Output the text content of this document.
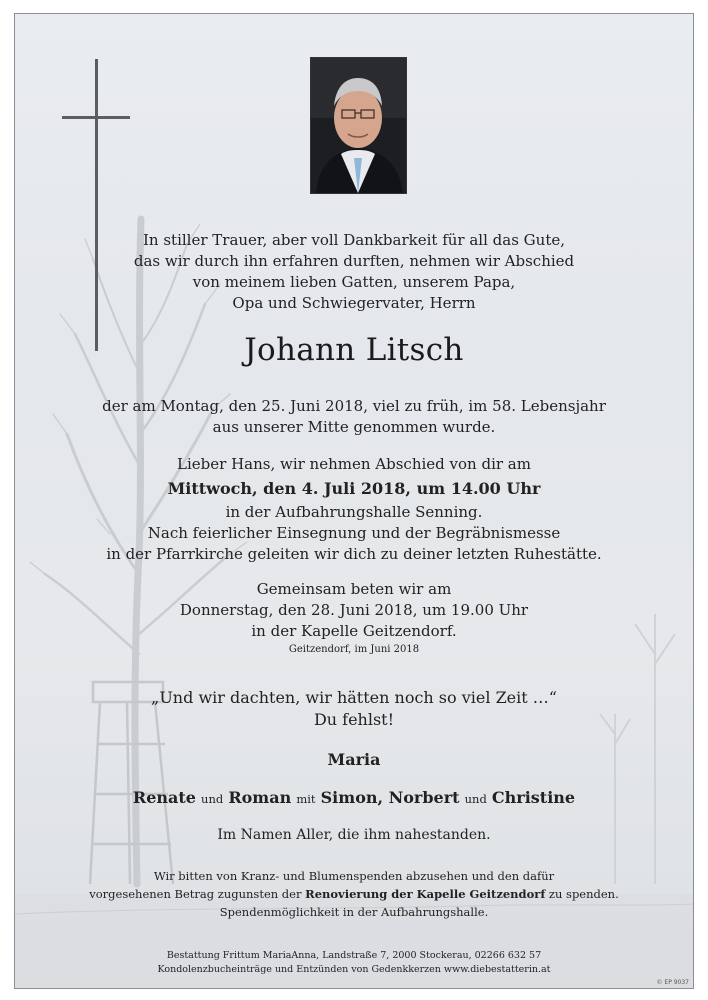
In stiller Trauer, aber voll Dankbarkeit für all das Gute,
das wir durch ihn erfahren durften, nehmen wir Abschied
von meinem lieben Gatten, unserem Papa,
Opa und Schwiegervater, Herrn
Johann Litsch
der am Montag, den 25. Juni 2018, viel zu früh, im 58. Lebensjahr
aus unserer Mitte genommen wurde.
Lieber Hans, wir nehmen Abschied von dir am
Mittwoch, den 4. Juli 2018, um 14.00 Uhr
in der Aufbahrungshalle Senning.
Nach feierlicher Einsegnung und der Begräbnismesse
in der Pfarrkirche geleiten wir dich zu deiner letzten Ruhestätte.
Gemeinsam beten wir am
Donnerstag, den 28. Juni 2018, um 19.00 Uhr
in der Kapelle Geitzendorf.
Geitzendorf, im Juni 2018
„Und wir dachten, wir hätten noch so viel Zeit …“
Du fehlst!
Maria
Renate und Roman mit Simon, Norbert und Christine
Im Namen Aller, die ihm nahestanden.
Wir bitten von Kranz- und Blumenspenden abzusehen und den dafür
vorgesehenen Betrag zugunsten der Renovierung der Kapelle Geitzendorf zu spenden.
Spendenmöglichkeit in der Aufbahrungshalle.
Bestattung Frittum MariaAnna, Landstraße 7, 2000 Stockerau, 02266 632 57
Kondolenzbucheinträge und Entzünden von Gedenkkerzen www.diebestatterin.at
© EP 9037
